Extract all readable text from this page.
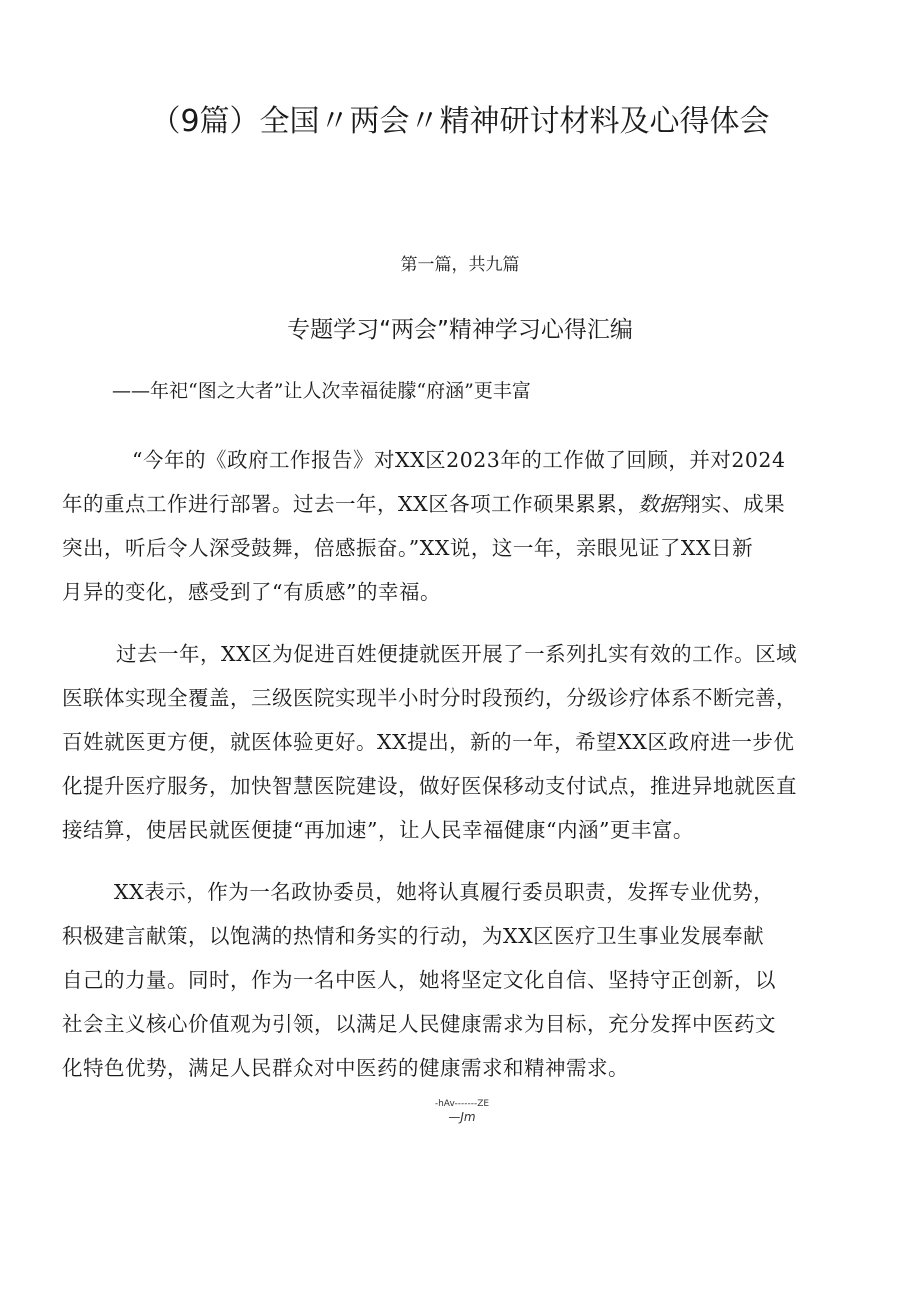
（9篇）全国〃两会〃精神研讨材料及心得体会
第一篇，共九篇
专题学习“两会”精神学习心得汇编
——年祀“图之大者”让人次幸福徒朦“府涵”更丰富
“今年的《政府工作报告》对XX区2023年的工作做了回顾，并对2024
年的重点工作进行部署。过去一年，XX区各项工作硕果累累，数据翔实、成果
突出，听后令人深受鼓舞，倍感振奋。”XX说，这一年，亲眼见证了XX日新
月异的变化，感受到了“有质感”的幸福。
过去一年，XX区为促进百姓便捷就医开展了一系列扎实有效的工作。区域
医联体实现全覆盖，三级医院实现半小时分时段预约，分级诊疗体系不断完善，
百姓就医更方便，就医体验更好。XX提出，新的一年，希望XX区政府进一步优
化提升医疗服务，加快智慧医院建设，做好医保移动支付试点，推进异地就医直
接结算，使居民就医便捷“再加速”，让人民幸福健康“内涵”更丰富。
XX表示，作为一名政协委员，她将认真履行委员职责，发挥专业优势，
积极建言献策，以饱满的热情和务实的行动，为XX区医疗卫生事业发展奉献
自己的力量。同时，作为一名中医人，她将坚定文化自信、坚持守正创新，以
社会主义核心价值观为引领，以满足人民健康需求为目标，充分发挥中医药文
化特色优势，满足人民群众对中医药的健康需求和精神需求。
-hAv-------ZE
—Jm
